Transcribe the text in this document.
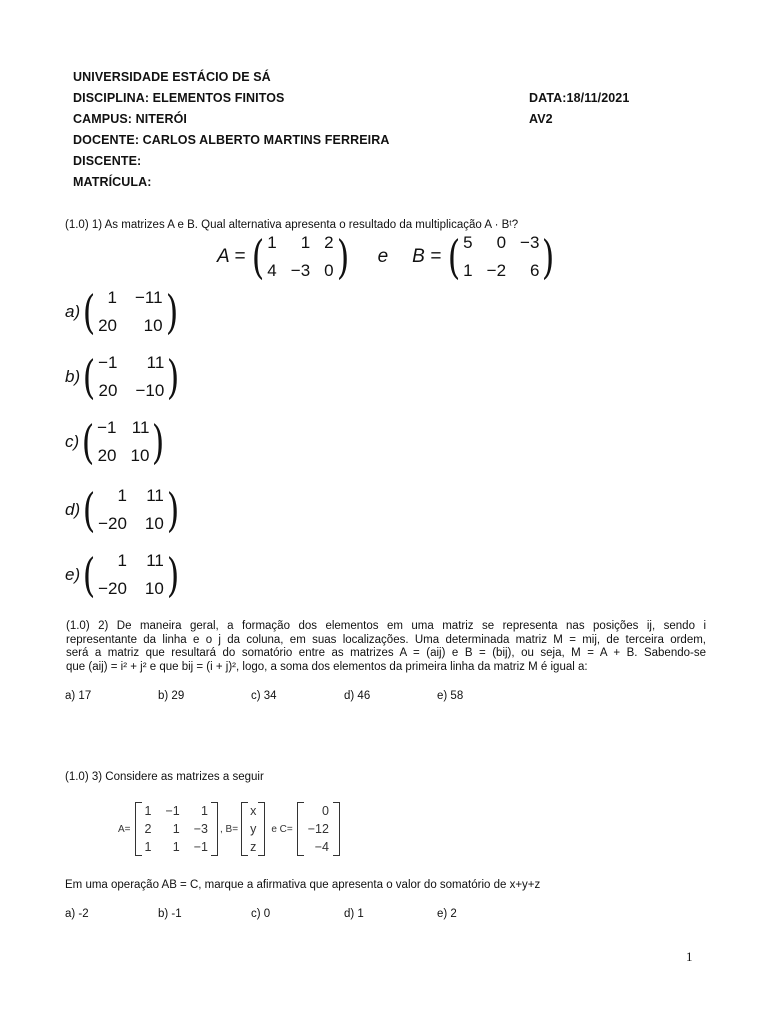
UNIVERSIDADE ESTÁCIO DE SÁ
DISCIPLINA: ELEMENTOS FINITOS	DATA:18/11/2021
CAMPUS: NITERÓI	AV2
DOCENTE: CARLOS ALBERTO MARTINS FERREIRA
DISCENTE:
MATRÍCULA:
(1.0) 1) As matrizes A e B. Qual alternativa apresenta o resultado da multiplicação A · Bᵗ?
A = ( 1	1 2
4 −3 0 ) e B = ( 5	0 −3
1 −2	6 )
a) ( 1 −11
20	10 )
b) ( −1	11
20 −10 )
c) ( −1 11
20 10 )
d) (	1 11
−20 10 )
e) (	1 11
−20 10 )
(1.0) 2) De maneira geral, a formação dos elementos em uma matriz se representa nas posições ij, sendo i
representante da linha e o j da coluna, em suas localizações. Uma determinada matriz M = mij, de terceira ordem,
será a matriz que resultará do somatório entre as matrizes A = (aij) e B = (bij), ou seja, M = A + B. Sabendo-se
que (aij) = i² + j² e que bij = (i + j)², logo, a soma dos elementos da primeira linha da matriz M é igual a:
a) 17	b) 29	c) 34	d) 46	e) 58
(1.0) 3) Considere as matrizes a seguir
A=
1 −1	1
2	1 −3
1	1 −1
, B=
x
y
z
e C=
0
−12
−4
Em uma operação AB = C, marque a afirmativa que apresenta o valor do somatório de x+y+z
a) -2	b) -1	c) 0	d) 1	e) 2
1
